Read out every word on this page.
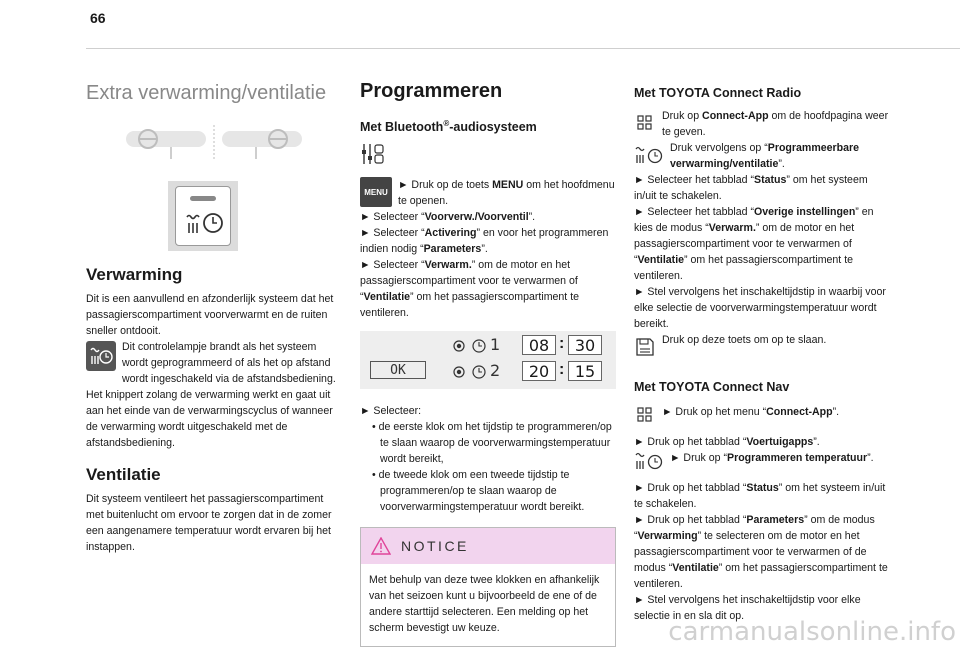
66
Extra verwarming/ventilatie
Verwarming
Dit is een aanvullend en afzonderlijk systeem dat het passagierscompartiment voorverwarmt en de ruiten sneller ontdooit.
Dit controlelampje brandt als het systeem wordt geprogrammeerd of als het op afstand wordt ingeschakeld via de afstandsbediening.
Het knippert zolang de verwarming werkt en gaat uit aan het einde van de verwarmingscyclus of wanneer de verwarming wordt uitgeschakeld met de afstandsbediening.
Ventilatie
Dit systeem ventileert het passagierscompartiment met buitenlucht om ervoor te zorgen dat in de zomer een aangenamere temperatuur wordt ervaren bij het instappen.
Programmeren
Met Bluetooth®-audiosysteem
MENU
► Druk op de toets MENU om het hoofdmenu te openen.
► Selecteer “Voorverw./Voorventil”.
► Selecteer “Activering” en voor het programmeren indien nodig “Parameters”.
► Selecteer “Verwarm.” om de motor en het passagierscompartiment voor te verwarmen of “Ventilatie” om het passagierscompartiment te ventileren.
OK
1	08 : 30
2	20 : 15
► Selecteer:
• de eerste klok om het tijdstip te programmeren/op te slaan waarop de voorverwarmingstemperatuur wordt bereikt,
• de tweede klok om een tweede tijdstip te programmeren/op te slaan waarop de voorverwarmingstemperatuur wordt bereikt.
NOTICE
Met behulp van deze twee klokken en afhankelijk van het seizoen kunt u bijvoorbeeld de ene of de andere starttijd selecteren. Een melding op het scherm bevestigt uw keuze.
Met TOYOTA Connect Radio
Druk op Connect-App om de hoofdpagina weer te geven.
Druk vervolgens op “Programmeerbare verwarming/ventilatie”.
► Selecteer het tabblad “Status” om het systeem in/uit te schakelen.
► Selecteer het tabblad “Overige instellingen” en kies de modus “Verwarm.” om de motor en het passagierscompartiment voor te verwarmen of “Ventilatie” om het passagierscompartiment te ventileren.
► Stel vervolgens het inschakeltijdstip in waarbij voor elke selectie de voorverwarmingstemperatuur wordt bereikt.
Druk op deze toets om op te slaan.
Met TOYOTA Connect Nav
► Druk op het menu “Connect-App”.
► Druk op het tabblad “Voertuigapps”.
► Druk op “Programmeren temperatuur”.
► Druk op het tabblad “Status” om het systeem in/uit te schakelen.
► Druk op het tabblad “Parameters” om de modus “Verwarming” te selecteren om de motor en het passagierscompartiment voor te verwarmen of de modus “Ventilatie” om het passagierscompartiment te ventileren.
► Stel vervolgens het inschakeltijdstip voor elke selectie in en sla dit op.
carmanualsonline.info
